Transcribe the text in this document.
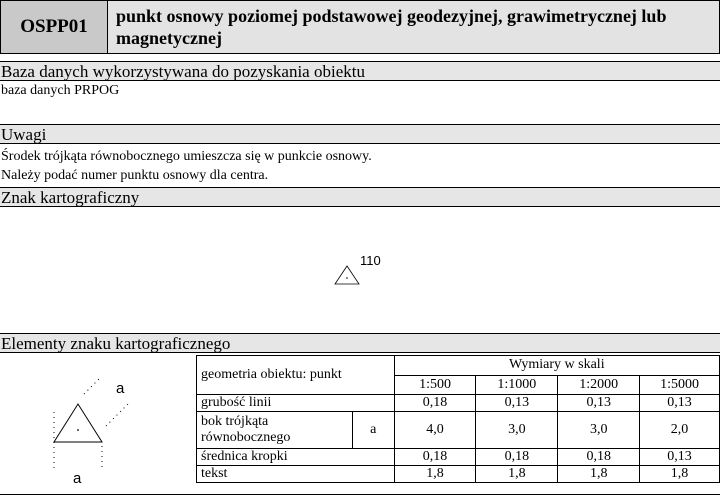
OSPP01	punkt osnowy poziomej podstawowej geodezyjnej, grawimetrycznej lub magnetycznej
Baza danych wykorzystywana do pozyskania obiektu
baza danych PRPOG
Uwagi
Środek trójkąta równobocznego umieszcza się w punkcie osnowy.
Należy podać numer punktu osnowy dla centra.
Znak kartograficzny
110
Elementy znaku kartograficznego
a
a
geometria obiektu: punkt		Wymiary w skali			
		1:500	1:1000	1:2000	1:5000
grubość linii		0,18	0,13	0,13	0,13
bok trójkąta równobocznego	a	4,0	3,0	3,0	2,0
średnica kropki		0,18	0,18	0,18	0,13
tekst		1,8	1,8	1,8	1,8
